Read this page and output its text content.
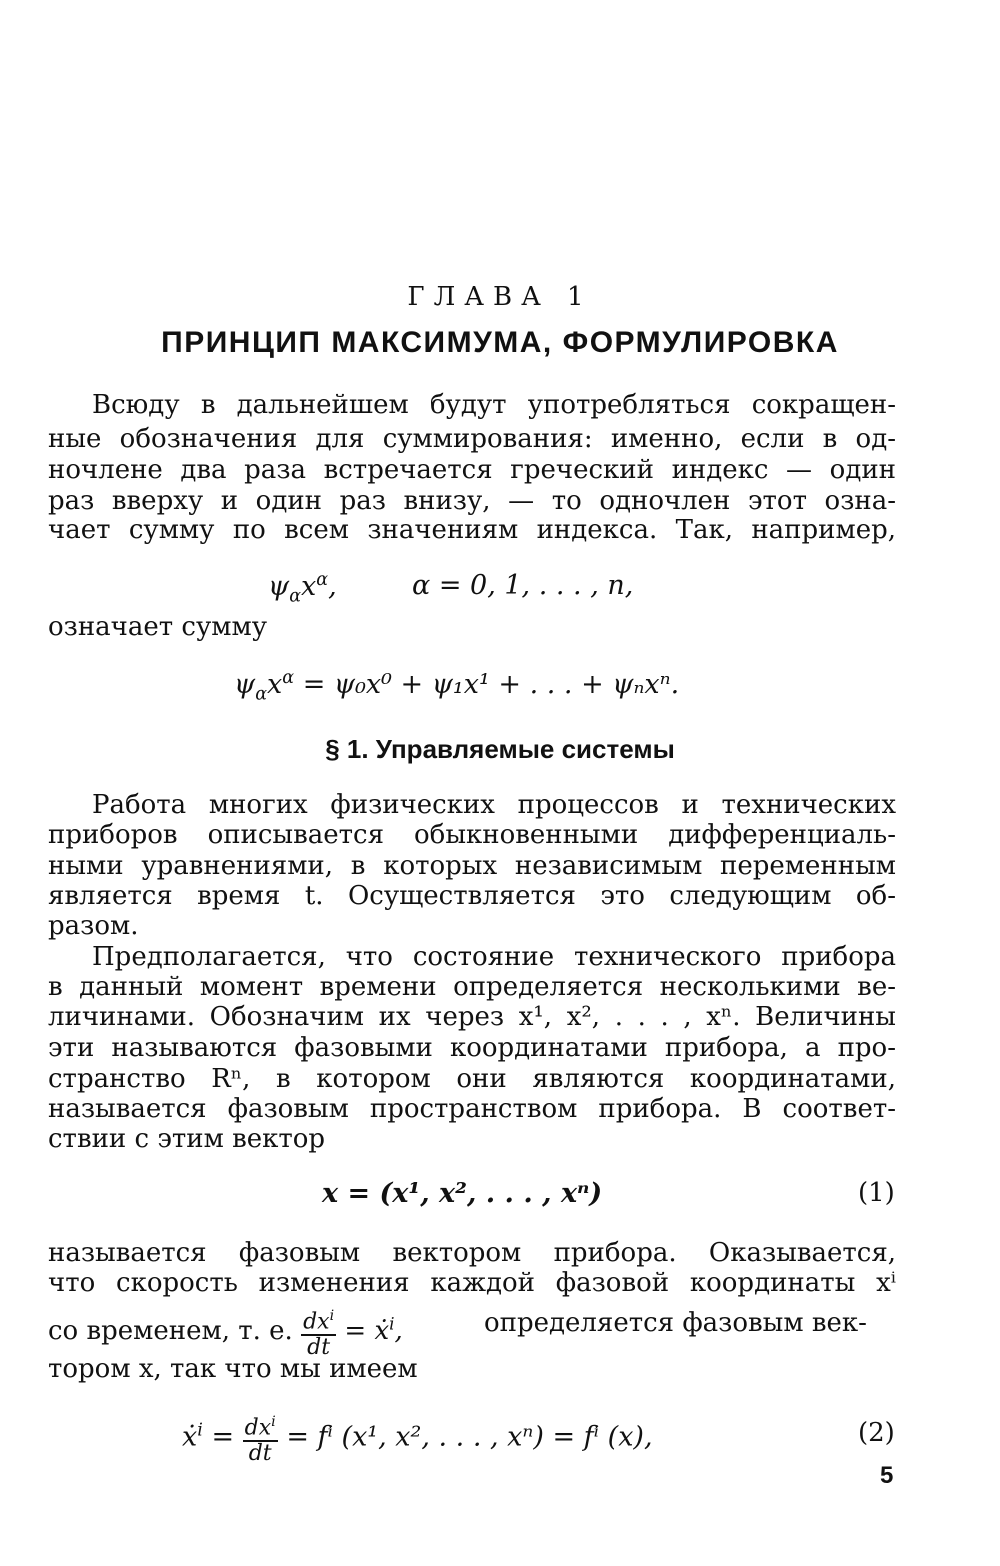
ГЛАВА 1
ПРИНЦИП МАКСИМУМА, ФОРМУЛИРОВКА
Всюду в дальнейшем будут употребляться сокращен-
ные обозначения для суммирования: именно, если в од-
ночлене два раза встречается греческий индекс — один
раз вверху и один раз внизу, — то одночлен этот озна-
чает сумму по всем значениям индекса. Так, например,
$\psi_\alpha x^\alpha$,	α = 0, 1, . . . , n,
означает сумму
$\psi_\alpha x^\alpha = \psi_0x^0 + \psi_1x^1$ + . . . + ψₙxⁿ.
§ 1. Управляемые системы
Работа многих физических процессов и технических
приборов описывается обыкновенными дифференциаль-
ными уравнениями, в которых независимым переменным
является время t. Осуществляется это следующим об-
разом.
Предполагается, что состояние технического прибора
в данный момент времени определяется несколькими ве-
личинами. Обозначим их через x¹, x², . . . , xⁿ. Величины
эти называются фазовыми координатами прибора, а про-
странство Rⁿ, в котором они являются координатами,
называется фазовым пространством прибора. В соответ-
ствии с этим вектор
x = (x¹, x², . . . , xⁿ)	(1)
называется фазовым вектором прибора. Оказывается,
что скорость изменения каждой фазовой координаты xⁱ
со временем, т. е. $\frac{dx^i}{dt}$ = ẋ$^i$,	определяется фазовым век-
тором x, так что мы имеем
ẋ$^i$ = $\frac{dx^i}{dt} = f^i$ (x¹, x², . . . , xⁿ) = fⁱ (x),	(2)
5
